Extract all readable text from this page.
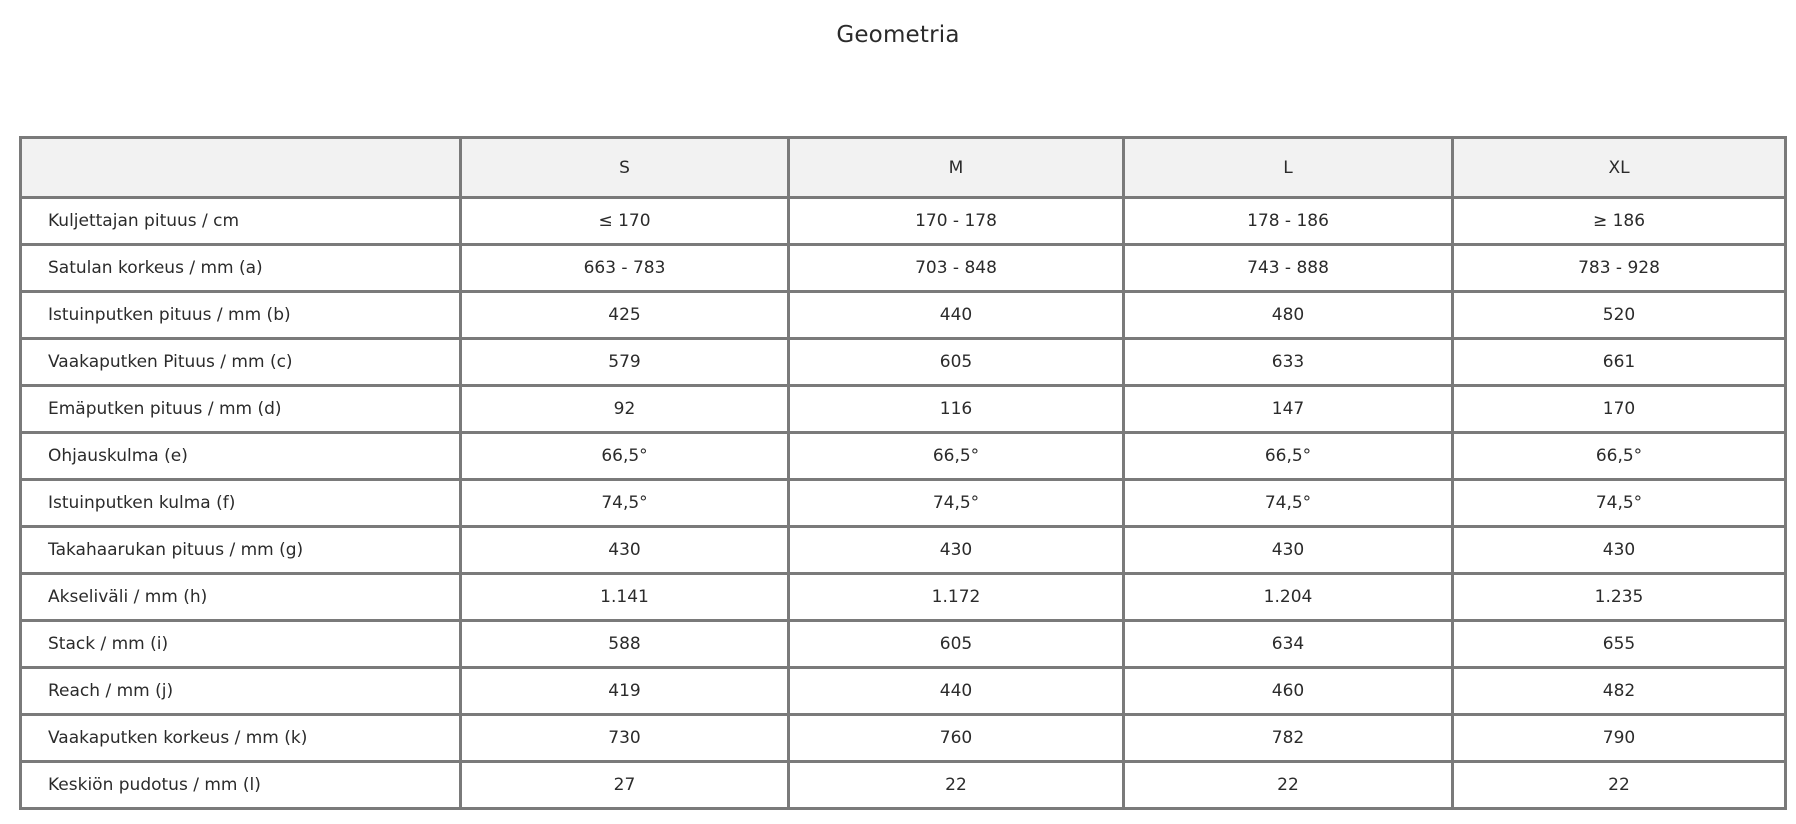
Geometria
	S	M	L	XL
Kuljettajan pituus / cm	≤ 170	170 - 178	178 - 186	≥ 186
Satulan korkeus / mm (a)	663 - 783	703 - 848	743 - 888	783 - 928
Istuinputken pituus / mm (b)	425	440	480	520
Vaakaputken Pituus / mm (c)	579	605	633	661
Emäputken pituus / mm (d)	92	116	147	170
Ohjauskulma (e)	66,5°	66,5°	66,5°	66,5°
Istuinputken kulma (f)	74,5°	74,5°	74,5°	74,5°
Takahaarukan pituus / mm (g)	430	430	430	430
Akseliväli / mm (h)	1.141	1.172	1.204	1.235
Stack / mm (i)	588	605	634	655
Reach / mm (j)	419	440	460	482
Vaakaputken korkeus / mm (k)	730	760	782	790
Keskiön pudotus / mm (l)	27	22	22	22
